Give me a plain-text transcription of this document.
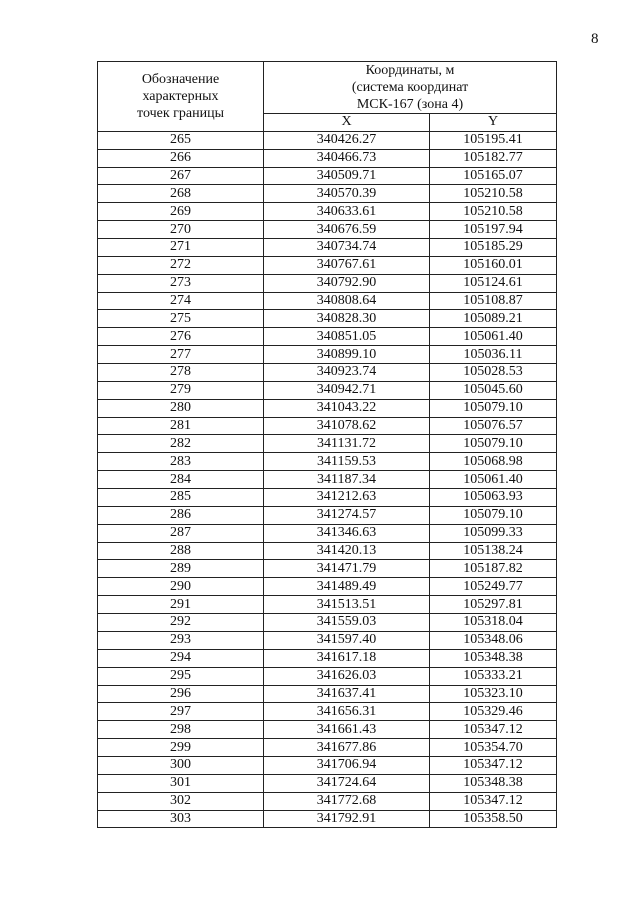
8
Обозначение
характерных
точек границы	Координаты, м
(система координат
МСК-167 (зона 4)	

	X	Y
265	340426.27	105195.41
266	340466.73	105182.77
267	340509.71	105165.07
268	340570.39	105210.58
269	340633.61	105210.58
270	340676.59	105197.94
271	340734.74	105185.29
272	340767.61	105160.01
273	340792.90	105124.61
274	340808.64	105108.87
275	340828.30	105089.21
276	340851.05	105061.40
277	340899.10	105036.11
278	340923.74	105028.53
279	340942.71	105045.60
280	341043.22	105079.10
281	341078.62	105076.57
282	341131.72	105079.10
283	341159.53	105068.98
284	341187.34	105061.40
285	341212.63	105063.93
286	341274.57	105079.10
287	341346.63	105099.33
288	341420.13	105138.24
289	341471.79	105187.82
290	341489.49	105249.77
291	341513.51	105297.81
292	341559.03	105318.04
293	341597.40	105348.06
294	341617.18	105348.38
295	341626.03	105333.21
296	341637.41	105323.10
297	341656.31	105329.46
298	341661.43	105347.12
299	341677.86	105354.70
300	341706.94	105347.12
301	341724.64	105348.38
302	341772.68	105347.12
303	341792.91	105358.50
